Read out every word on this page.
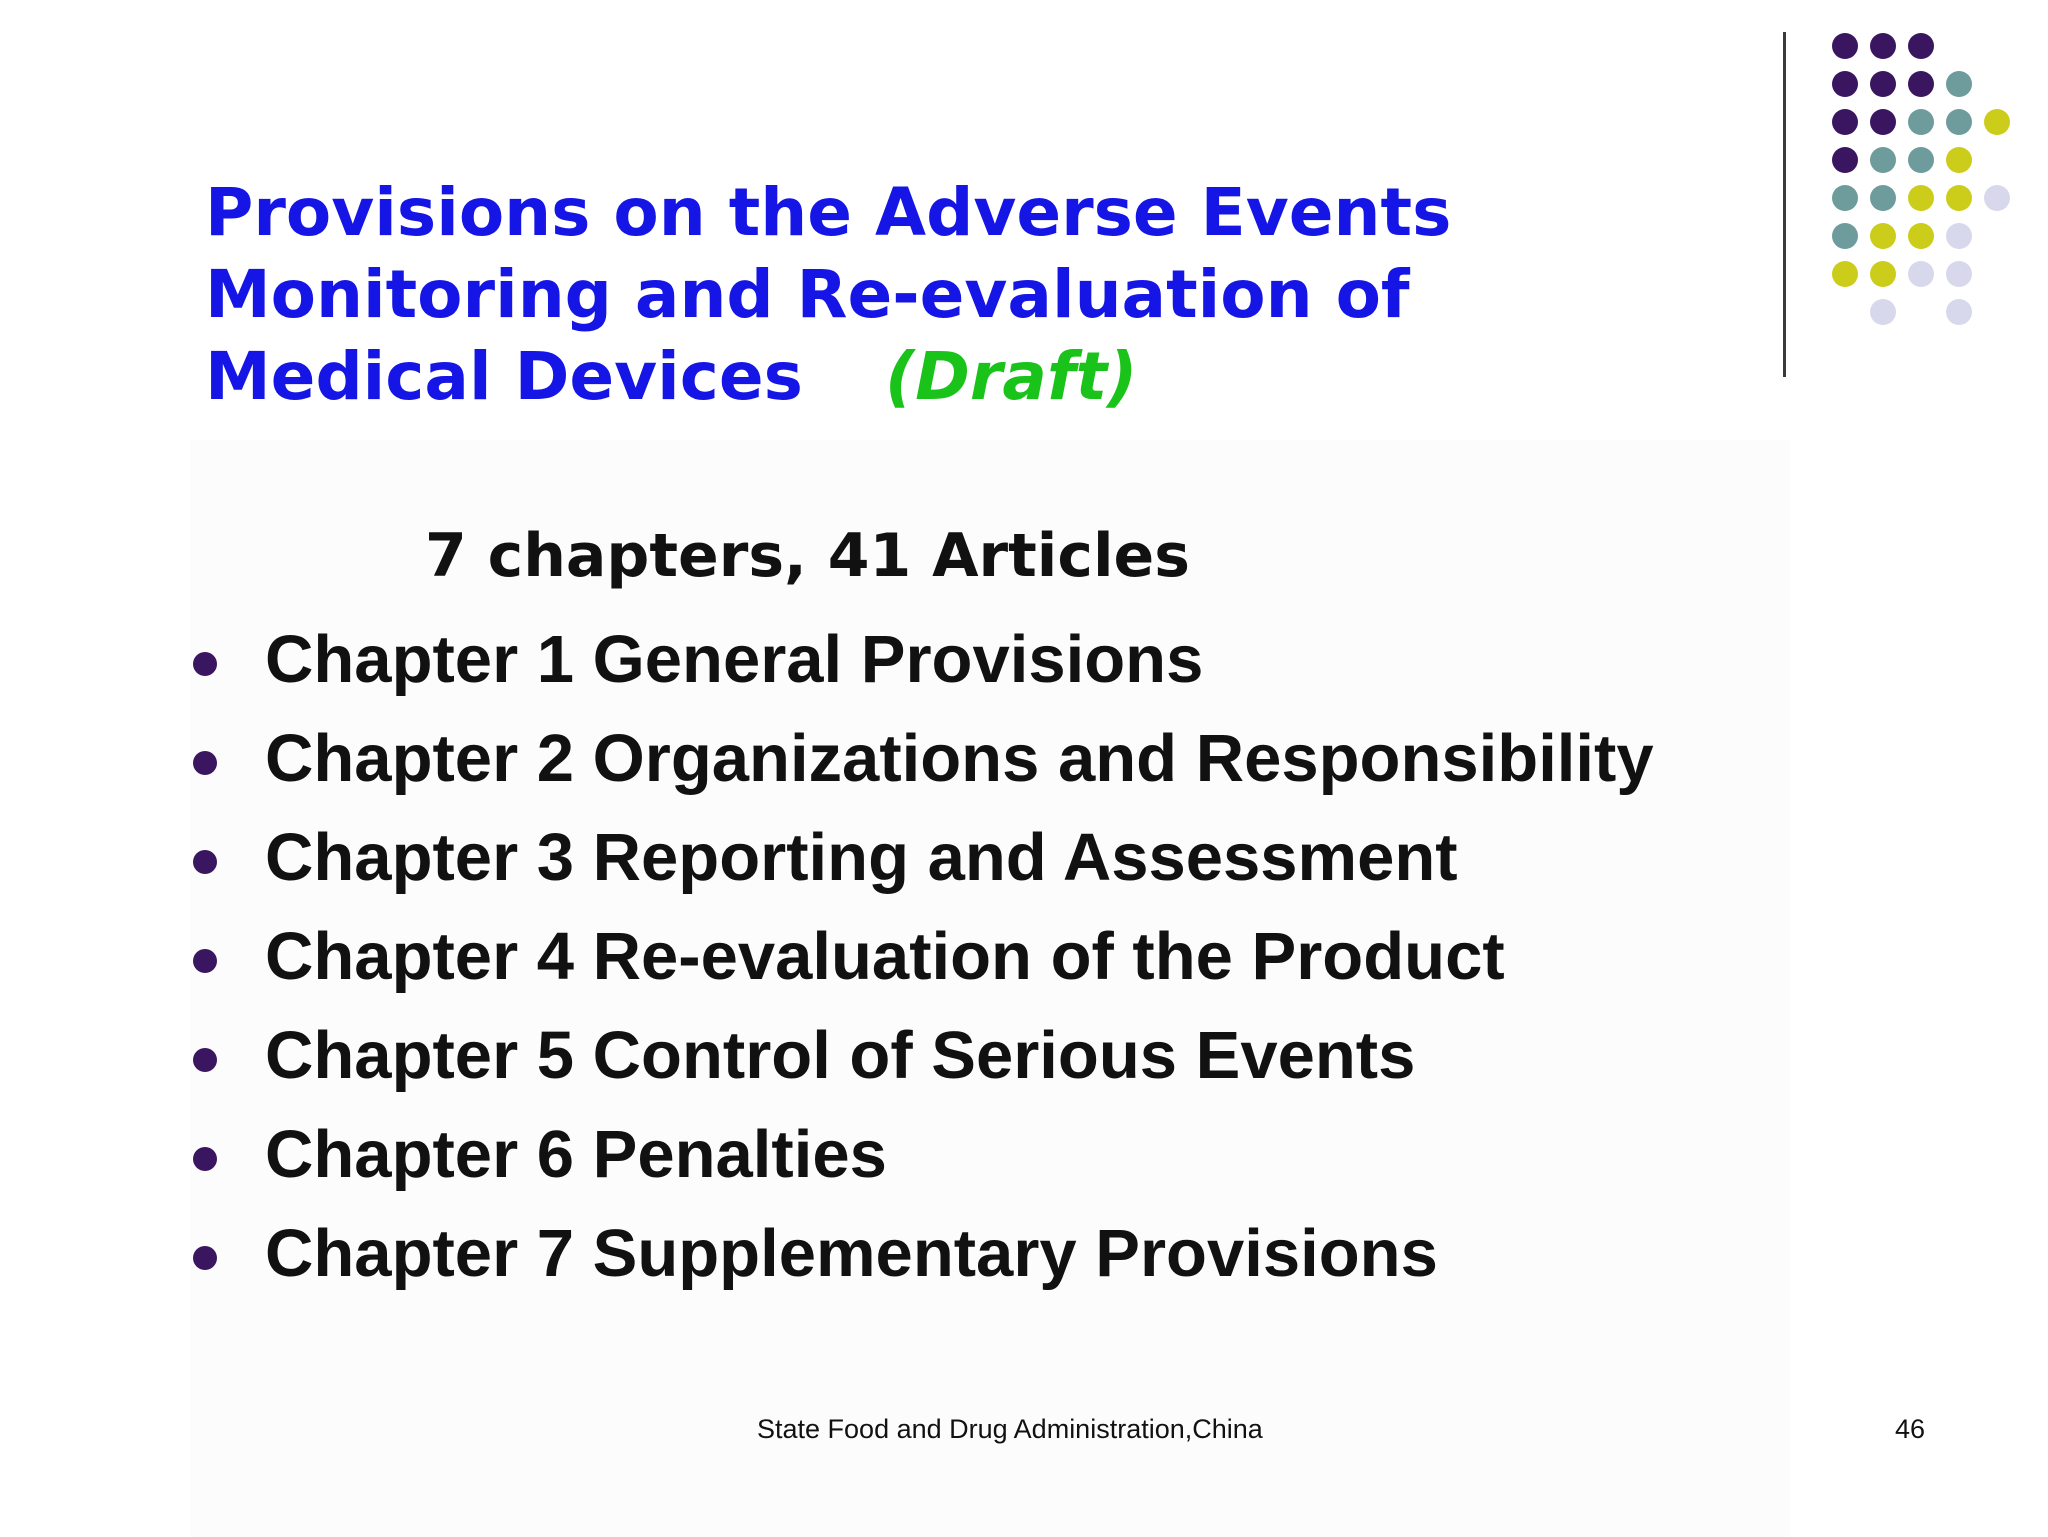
Provisions on the Adverse Events Monitoring and Re-evaluation of Medical Devices (Draft)
7 chapters, 41 Articles
Chapter 1 General Provisions
Chapter 2 Organizations and Responsibility
Chapter 3 Reporting and Assessment
Chapter 4 Re-evaluation of the Product
Chapter 5 Control of Serious Events
Chapter 6 Penalties
Chapter 7 Supplementary Provisions
State Food and Drug Administration,China	46
